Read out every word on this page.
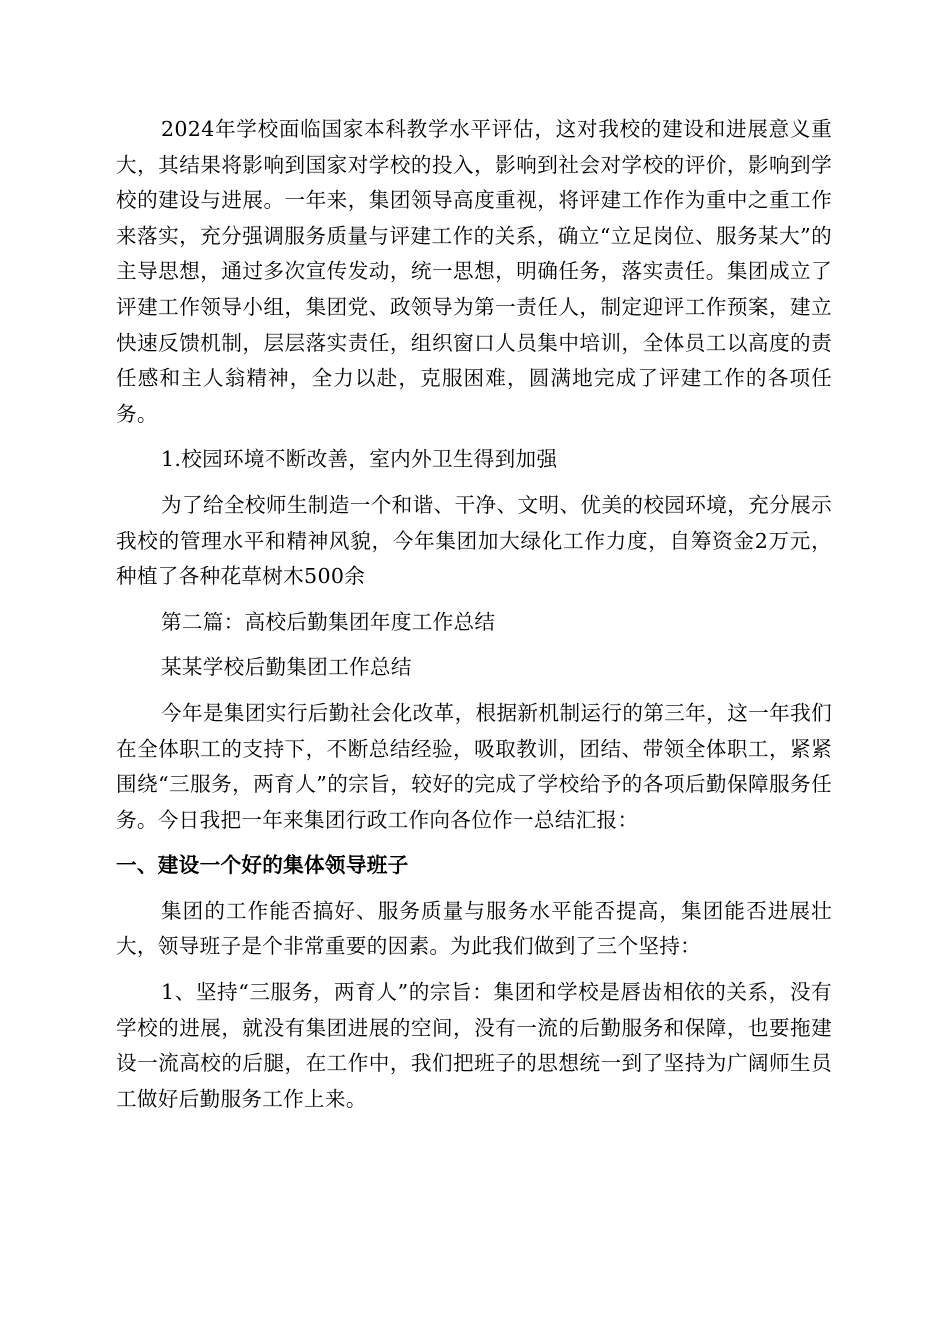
2024年学校面临国家本科教学水平评估，这对我校的建设和进展意义重大，其结果将影响到国家对学校的投入，影响到社会对学校的评价，影响到学校的建设与进展。一年来，集团领导高度重视，将评建工作作为重中之重工作来落实，充分强调服务质量与评建工作的关系，确立“立足岗位、服务某大”的主导思想，通过多次宣传发动，统一思想，明确任务，落实责任。集团成立了评建工作领导小组，集团党、政领导为第一责任人，制定迎评工作预案，建立快速反馈机制，层层落实责任，组织窗口人员集中培训，全体员工以高度的责任感和主人翁精神，全力以赴，克服困难，圆满地完成了评建工作的各项任务。

1.校园环境不断改善，室内外卫生得到加强

为了给全校师生制造一个和谐、干净、文明、优美的校园环境，充分展示我校的管理水平和精神风貌，今年集团加大绿化工作力度，自筹资金2万元，种植了各种花草树木500余

第二篇：高校后勤集团年度工作总结

某某学校后勤集团工作总结

今年是集团实行后勤社会化改革，根据新机制运行的第三年，这一年我们在全体职工的支持下，不断总结经验，吸取教训，团结、带领全体职工，紧紧围绕“三服务，两育人”的宗旨，较好的完成了学校给予的各项后勤保障服务任务。今日我把一年来集团行政工作向各位作一总结汇报：

一、建设一个好的集体领导班子

集团的工作能否搞好、服务质量与服务水平能否提高，集团能否进展壮大，领导班子是个非常重要的因素。为此我们做到了三个坚持：

1、坚持“三服务，两育人”的宗旨：集团和学校是唇齿相依的关系，没有学校的进展，就没有集团进展的空间，没有一流的后勤服务和保障，也要拖建设一流高校的后腿，在工作中，我们把班子的思想统一到了坚持为广阔师生员工做好后勤服务工作上来。
